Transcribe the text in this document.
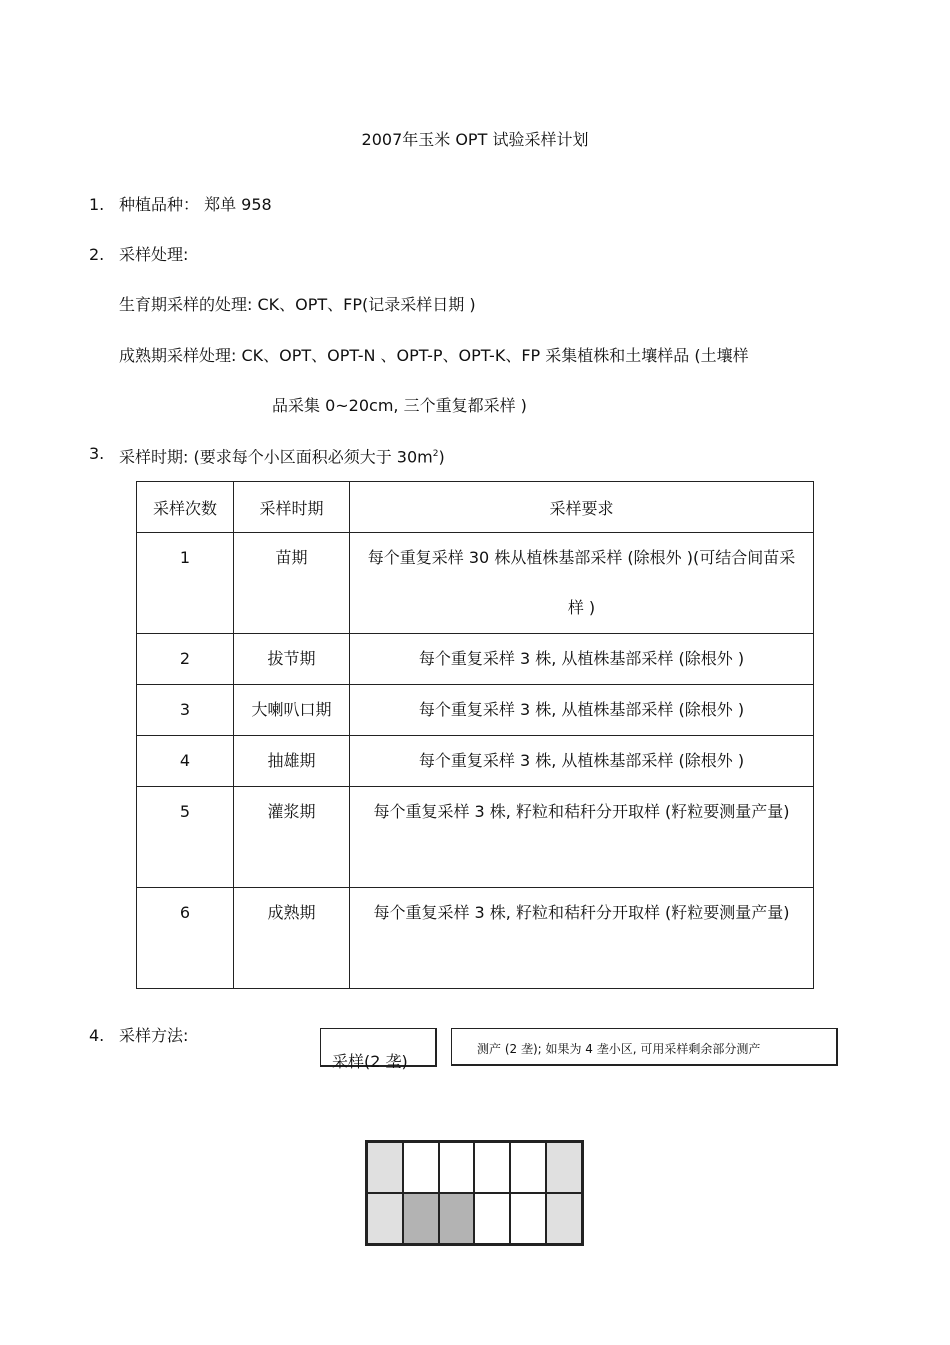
2007年玉米 OPT 试验采样计划
1. 种植品种： 郑单 958
2. 采样处理:
生育期采样的处理: CK、OPT、FP(记录采样日期 )
成熟期采样处理: CK、OPT、OPT-N 、OPT-P、OPT-K、FP 采集植株和土壤样品 (土壤样
品采集 0~20cm, 三个重复都采样 )
3. 采样时期: (要求每个小区面积必须大于 $30m^2$)
采样次数	采样时期	采样要求
1	苗期	每个重复采样 30 株从植株基部采样 (除根外 )(可结合间苗采样 )
2	拔节期	每个重复采样 3 株, 从植株基部采样 (除根外 )
3	大喇叭口期	每个重复采样 3 株, 从植株基部采样 (除根外 )
4	抽雄期	每个重复采样 3 株, 从植株基部采样 (除根外 )
5	灌浆期	每个重复采样 3 株, 籽粒和秸秆分开取样 (籽粒要测量产量)
6	成熟期	每个重复采样 3 株, 籽粒和秸秆分开取样 (籽粒要测量产量)
4. 采样方法:
采样(2 垄)
测产 (2 垄); 如果为 4 垄小区, 可用采样剩余部分测产
